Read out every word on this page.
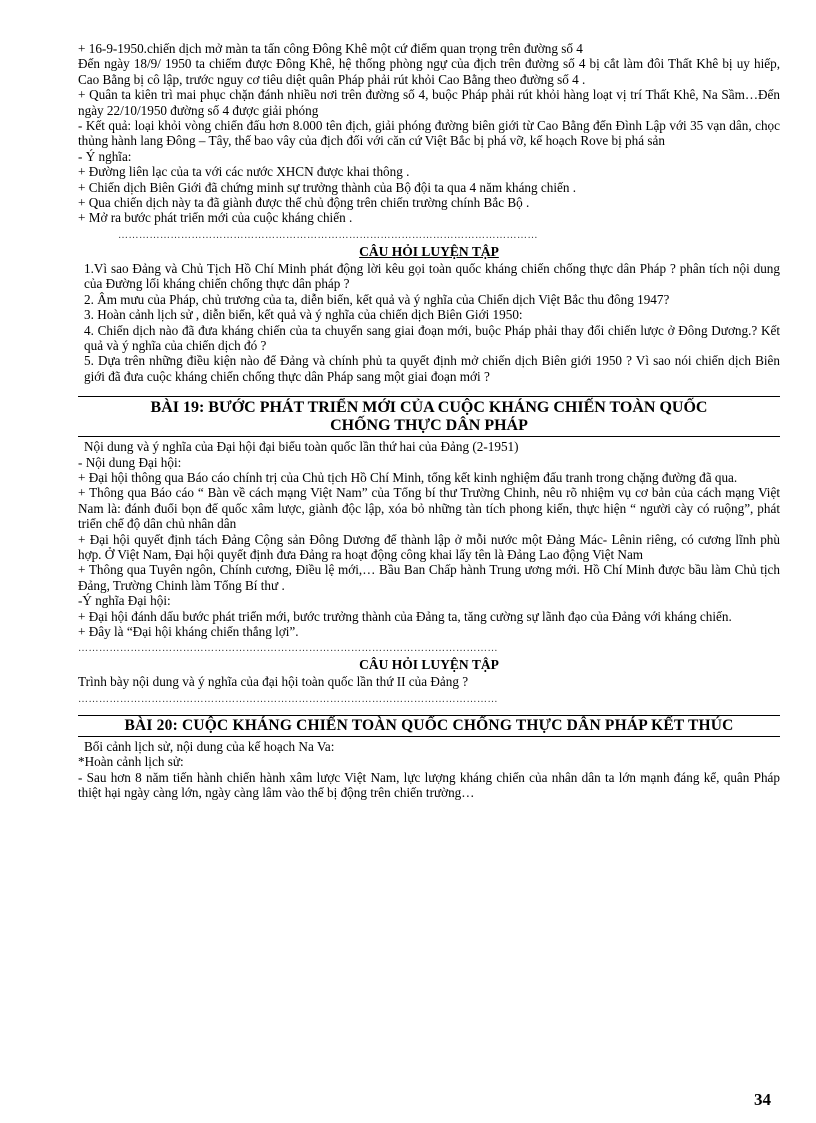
+ 16-9-1950.chiến dịch mở màn ta tấn công Đông Khê một cứ điểm quan trọng trên đường số 4

Đến ngày 18/9/ 1950 ta chiếm được Đông Khê, hệ thống phòng ngự của địch trên đường số 4 bị cắt làm đôi Thất Khê bị uy hiếp, Cao Bằng bị cô lập, trước nguy cơ tiêu diệt quân Pháp phải rút khỏi Cao Bằng theo đường số 4 .

+ Quân ta kiên trì mai phục chặn đánh nhiều nơi trên đường số 4, buộc Pháp phải rút khỏi hàng loạt vị trí Thất Khê, Na Sầm…Đến ngày 22/10/1950 đường số 4 được giải phóng

- Kết quả: loại khỏi vòng chiến đấu hơn 8.000 tên địch, giải phóng đường biên giới từ Cao Bằng đến Đình Lập với 35 vạn dân, chọc thủng hành lang Đông – Tây, thế bao vây của địch đối với căn cứ Việt Bắc bị phá vỡ, kế hoạch Rove bị phá sản

- Ý nghĩa:

+ Đường liên lạc của ta với các nước XHCN được khai thông .

+ Chiến dịch Biên Giới đã chứng minh sự trưởng thành của Bộ đội ta qua 4 năm kháng chiến .

+ Qua chiến dịch này ta đã giành được thế chủ động trên chiến trường chính Bắc Bộ .

+ Mở ra bước phát triển mới của cuộc kháng chiến .

…………………………………………………………………………………………………………
CÂU HỎI LUYỆN TẬP

1.Vì sao Đảng và Chủ Tịch Hồ Chí Minh phát động lời kêu gọi toàn quốc kháng chiến chống thực dân Pháp ? phân tích nội dung của Đường lối kháng chiến chống thực dân pháp ?

2. Âm mưu của Pháp, chủ trương của ta, diễn biến, kết quả và ý nghĩa của Chiến dịch Việt Bắc thu đông 1947?

3. Hoàn cảnh lịch sử , diễn biến, kết quả và ý nghĩa của chiến dịch Biên Giới 1950:

4. Chiến dịch nào đã đưa kháng chiến của ta chuyển sang giai đoạn mới, buộc Pháp phải thay đổi chiến lược ở Đông Dương.? Kết quả và ý nghĩa của chiến dịch đó ?

5. Dựa trên những điều kiện nào để Đảng và chính phủ ta quyết định mở chiến dịch Biên giới 1950 ? Vì sao nói chiến dịch Biên giới đã đưa cuộc kháng chiến chống thực dân Pháp sang một giai đoạn mới ?

BÀI 19: BƯỚC PHÁT TRIỂN MỚI CỦA CUỘC KHÁNG CHIẾN TOÀN QUỐC
CHỐNG THỰC DÂN PHÁP

Nội dung và ý nghĩa của Đại hội đại biểu toàn quốc lần thứ hai của Đảng (2-1951)

- Nội dung Đại hội:

+ Đại hội thông qua Báo cáo chính trị của Chủ tịch Hồ Chí Minh, tổng kết kinh nghiệm đấu tranh trong chặng đường đã qua.

+ Thông qua Báo cáo “ Bàn về cách mạng Việt Nam” của Tổng bí thư Trường Chinh, nêu rõ nhiệm vụ cơ bản của cách mạng Việt Nam là: đánh đuổi bọn đế quốc xâm lược, giành độc lập, xóa bỏ những tàn tích phong kiến, thực hiện “ người cày có ruộng”, phát triển chế độ dân chủ nhân dân

+ Đại hội quyết định tách Đảng Cộng sản Đông Dương để thành lập ở mỗi nước một Đảng Mác- Lênin riêng, có cương lĩnh phù hợp. Ở Việt Nam, Đại hội quyết định đưa Đảng ra hoạt động công khai lấy tên là Đảng Lao động Việt Nam

+ Thông qua Tuyên ngôn, Chính cương, Điều lệ mới,… Bầu Ban Chấp hành Trung ương mới. Hồ Chí Minh được bầu làm Chủ tịch Đảng, Trường Chinh làm Tổng Bí thư .

-Ý nghĩa Đại hội:

+ Đại hội đánh dấu bước phát triển mới, bước trưởng thành của Đảng ta, tăng cường sự lãnh đạo của Đảng với kháng chiến.

+ Đây là “Đại hội kháng chiến thắng lợi”.

…………………………………………………………………………………………………………
CÂU HỎI LUYỆN TẬP

Trình bày nội dung và ý nghĩa của đại hội toàn quốc lần thứ II của Đảng ?

…………………………………………………………………………………………………………
BÀI 20: CUỘC KHÁNG CHIẾN TOÀN QUỐC CHỐNG THỰC DÂN PHÁP KẾT THÚC

Bối cảnh lịch sử, nội dung của kế hoạch Na Va:

*Hoàn cảnh lịch sử:

- Sau hơn 8 năm tiến hành chiến hành xâm lược Việt Nam, lực lượng kháng chiến của nhân dân ta lớn mạnh đáng kể, quân Pháp thiệt hại ngày càng lớn, ngày càng lâm vào thế bị động trên chiến trường…

34
